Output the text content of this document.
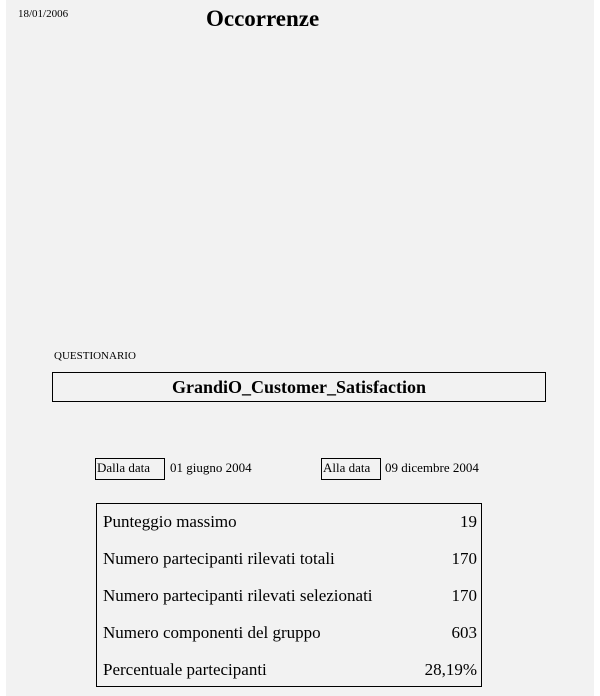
18/01/2006	Occorrenze
QUESTIONARIO
GrandiO_Customer_Satisfaction
Dalla data	01 giugno 2004	Alla data	09 dicembre 2004
Punteggio massimo	19
Numero partecipanti rilevati totali	170
Numero partecipanti rilevati selezionati	170
Numero componenti del gruppo	603
Percentuale partecipanti	28,19%
